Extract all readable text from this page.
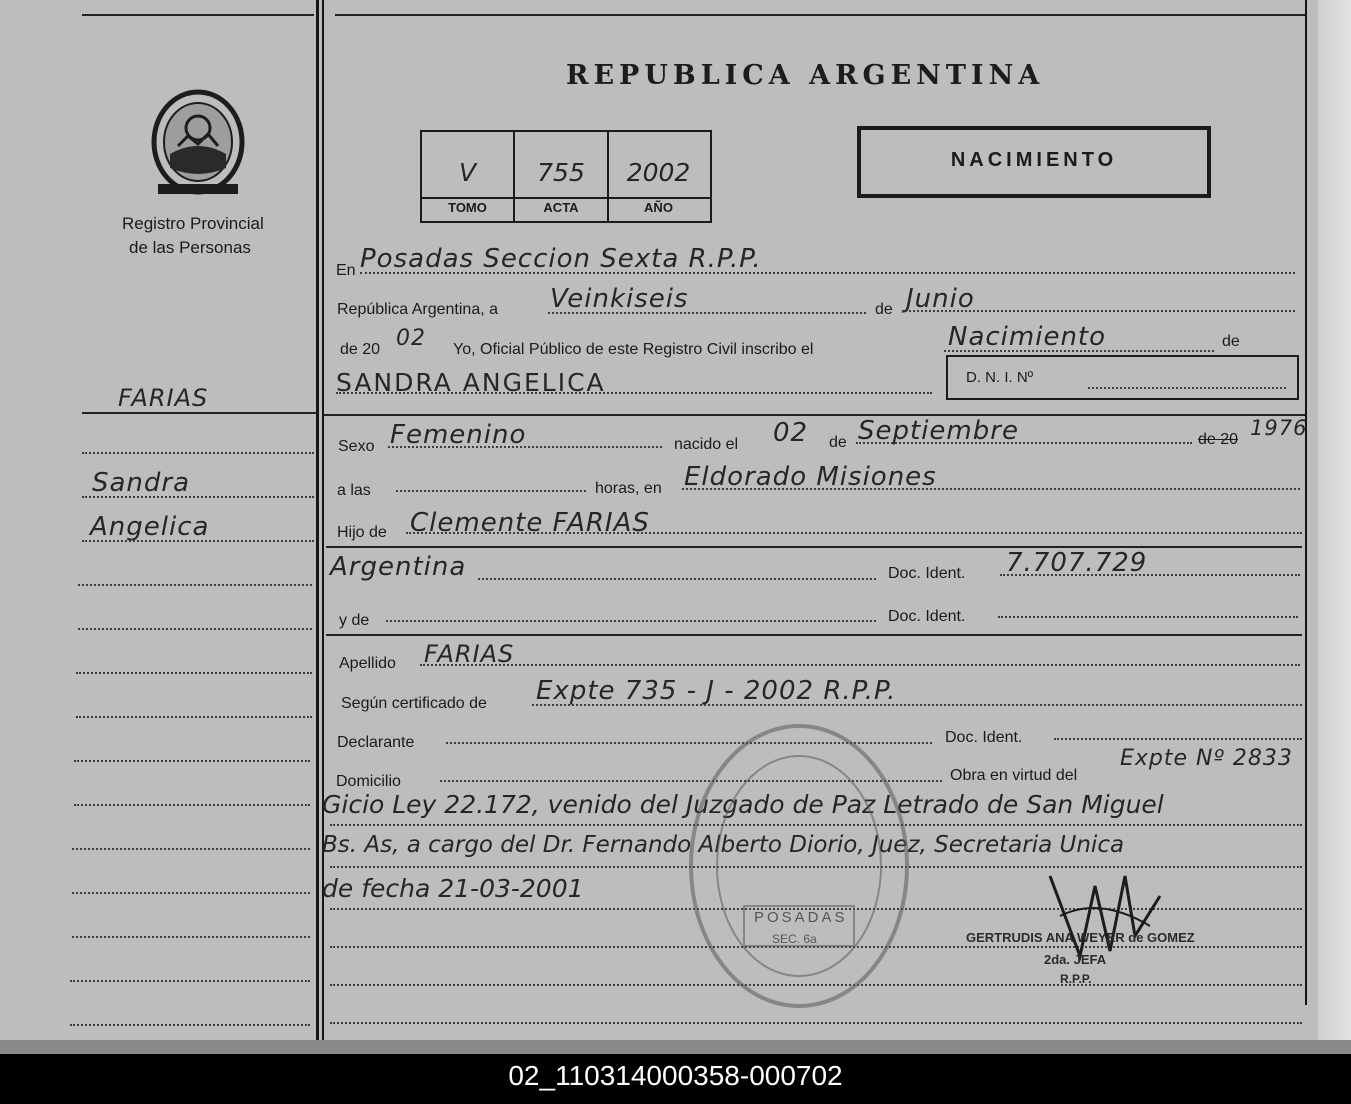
Registro Provincial
de las Personas
REPUBLICA ARGENTINA
V	755	2002
TOMO	ACTA	AÑO
NACIMIENTO
FARIAS
Sandra
Angelica
En Posadas Seccion Sexta R.P.P.
República Argentina, a Veinkiseis	de Junio
de 20 02 Yo, Oficial Público de este Registro Civil inscribo el	Nacimiento	de
SANDRA ANGELICA	D. N. I. Nº
Sexo Femenino	nacido el 02 de Septiembre	de 20 1976
a las	horas, en Eldorado Misiones
Hijo de Clemente FARIAS
Argentina	Doc. Ident. 7.707.729
y de	Doc. Ident.
Apellido FARIAS
Según certificado de Expte 735 - J - 2002 R.P.P.
Declarante	Doc. Ident.
Domicilio	Obra en virtud del
Expte Nº 2833
Gicio Ley 22.172, venido del Juzgado de Paz Letrado de San Miguel
Bs. As, a cargo del Dr. Fernando Alberto Diorio, Juez, Secretaria Unica
de fecha 21-03-2001
POSADAS
SEC. 6a	GERTRUDIS ANA WEYER de GOMEZ
2da. JEFA
R.P.P.
02_110314000358-000702
